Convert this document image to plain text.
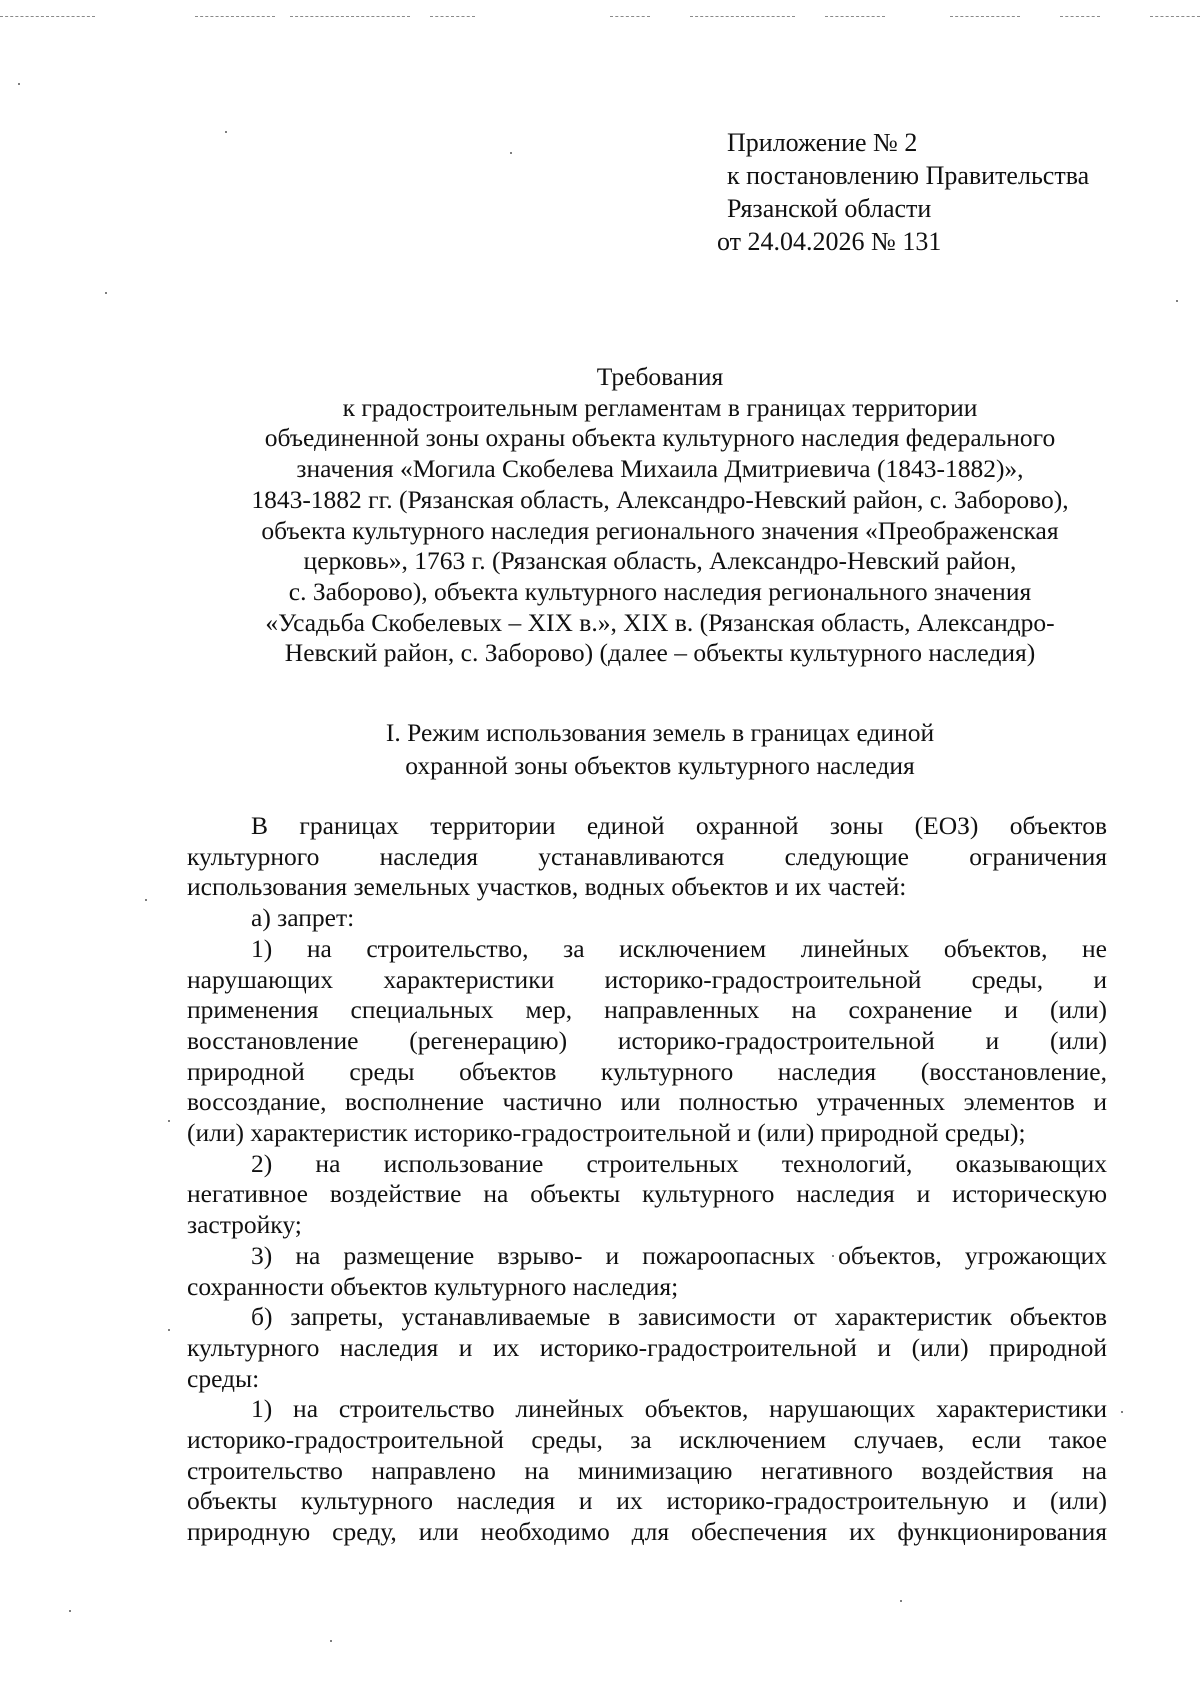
Приложение № 2
к постановлению Правительства
Рязанской области
от 24.04.2026 № 131
Требования
к градостроительным регламентам в границах территории
объединенной зоны охраны объекта культурного наследия федерального
значения «Могила Скобелева Михаила Дмитриевича (1843-1882)»,
1843-1882 гг. (Рязанская область, Александро-Невский район, с. Заборово),
объекта культурного наследия регионального значения «Преображенская
церковь», 1763 г. (Рязанская область, Александро-Невский район,
с. Заборово), объекта культурного наследия регионального значения
«Усадьба Скобелевых – XIX в.», XIX в. (Рязанская область, Александро-
Невский район, с. Заборово) (далее – объекты культурного наследия)
I. Режим использования земель в границах единой
охранной зоны объектов культурного наследия
В границах территории единой охранной зоны (ЕОЗ) объектов
культурного наследия устанавливаются следующие ограничения
использования земельных участков, водных объектов и их частей:
а) запрет:
1) на строительство, за исключением линейных объектов, не
нарушающих характеристики историко-градостроительной среды, и
применения специальных мер, направленных на сохранение и (или)
восстановление (регенерацию) историко-градостроительной и (или)
природной среды объектов культурного наследия (восстановление,
воссоздание, восполнение частично или полностью утраченных элементов и
(или) характеристик историко-градостроительной и (или) природной среды);
2) на использование строительных технологий, оказывающих
негативное воздействие на объекты культурного наследия и историческую
застройку;
3) на размещение взрыво- и пожароопасных объектов, угрожающих
сохранности объектов культурного наследия;
б) запреты, устанавливаемые в зависимости от характеристик объектов
культурного наследия и их историко-градостроительной и (или) природной
среды:
1) на строительство линейных объектов, нарушающих характеристики
историко-градостроительной среды, за исключением случаев, если такое
строительство направлено на минимизацию негативного воздействия на
объекты культурного наследия и их историко-градостроительную и (или)
природную среду, или необходимо для обеспечения их функционирования
